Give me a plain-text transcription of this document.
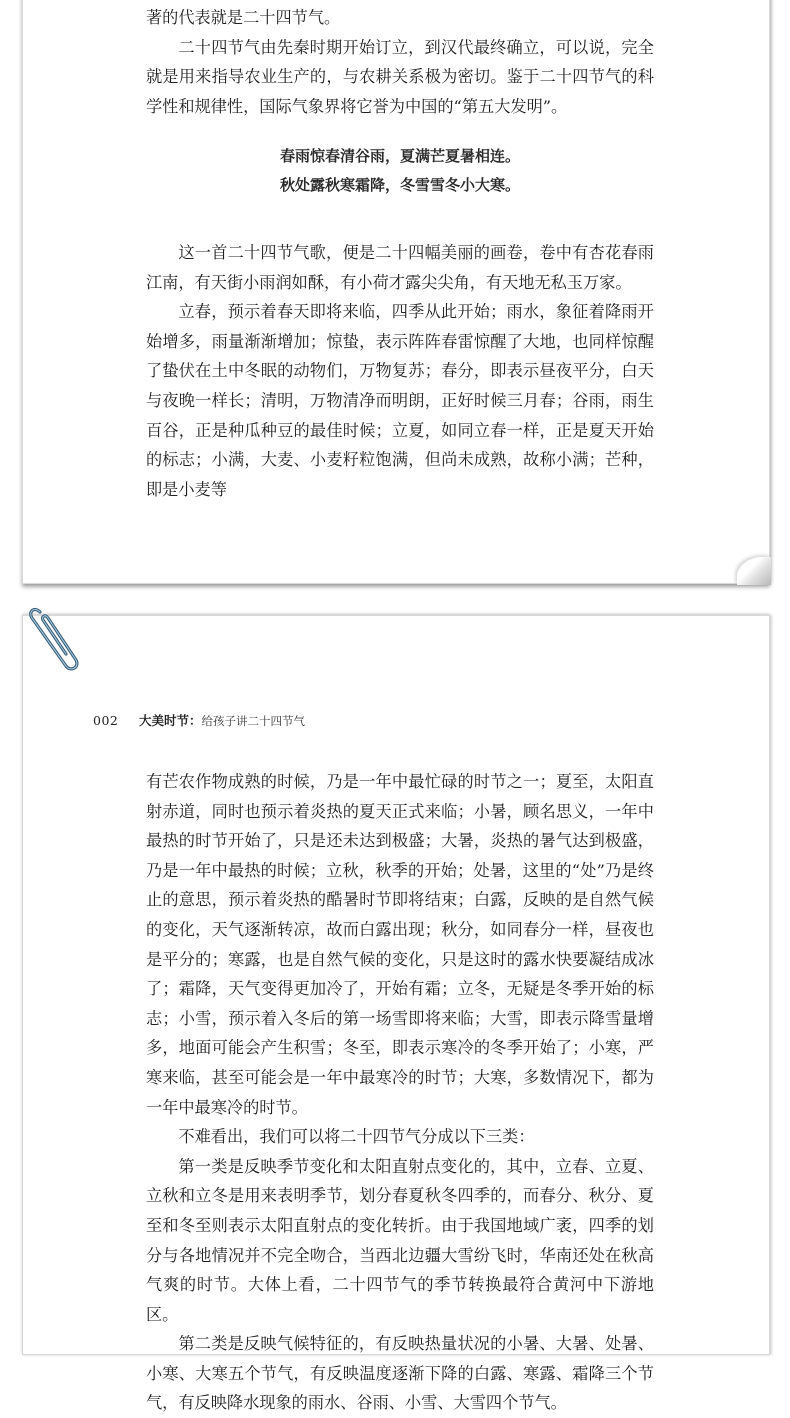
著的代表就是二十四节气。

二十四节气由先秦时期开始订立，到汉代最终确立，可以说，完全就是用来指导农业生产的，与农耕关系极为密切。鉴于二十四节气的科学性和规律性，国际气象界将它誉为中国的“第五大发明”。

春雨惊春清谷雨，夏满芒夏暑相连。
秋处露秋寒霜降，冬雪雪冬小大寒。

这一首二十四节气歌，便是二十四幅美丽的画卷，卷中有杏花春雨江南，有天街小雨润如酥，有小荷才露尖尖角，有天地无私玉万家。

立春，预示着春天即将来临，四季从此开始；雨水，象征着降雨开始增多，雨量渐渐增加；惊蛰，表示阵阵春雷惊醒了大地，也同样惊醒了蛰伏在土中冬眠的动物们，万物复苏；春分，即表示昼夜平分，白天与夜晚一样长；清明，万物清净而明朗，正好时候三月春；谷雨，雨生百谷，正是种瓜种豆的最佳时候；立夏，如同立春一样，正是夏天开始的标志；小满，大麦、小麦籽粒饱满，但尚未成熟，故称小满；芒种，即是小麦等

002 大美时节：给孩子讲二十四节气

有芒农作物成熟的时候，乃是一年中最忙碌的时节之一；夏至，太阳直射赤道，同时也预示着炎热的夏天正式来临；小暑，顾名思义，一年中最热的时节开始了，只是还未达到极盛；大暑，炎热的暑气达到极盛，乃是一年中最热的时候；立秋，秋季的开始；处暑，这里的“处”乃是终止的意思，预示着炎热的酷暑时节即将结束；白露，反映的是自然气候的变化，天气逐渐转凉，故而白露出现；秋分，如同春分一样，昼夜也是平分的；寒露，也是自然气候的变化，只是这时的露水快要凝结成冰了；霜降，天气变得更加冷了，开始有霜；立冬，无疑是冬季开始的标志；小雪，预示着入冬后的第一场雪即将来临；大雪，即表示降雪量增多，地面可能会产生积雪；冬至，即表示寒冷的冬季开始了；小寒，严寒来临，甚至可能会是一年中最寒冷的时节；大寒，多数情况下，都为一年中最寒冷的时节。

不难看出，我们可以将二十四节气分成以下三类：

第一类是反映季节变化和太阳直射点变化的，其中，立春、立夏、立秋和立冬是用来表明季节，划分春夏秋冬四季的，而春分、秋分、夏至和冬至则表示太阳直射点的变化转折。由于我国地域广袤，四季的划分与各地情况并不完全吻合，当西北边疆大雪纷飞时，华南还处在秋高气爽的时节。大体上看，二十四节气的季节转换最符合黄河中下游地区。

第二类是反映气候特征的，有反映热量状况的小暑、大暑、处暑、小寒、大寒五个节气，有反映温度逐渐下降的白露、寒露、霜降三个节气，有反映降水现象的雨水、谷雨、小雪、大雪四个节气。
